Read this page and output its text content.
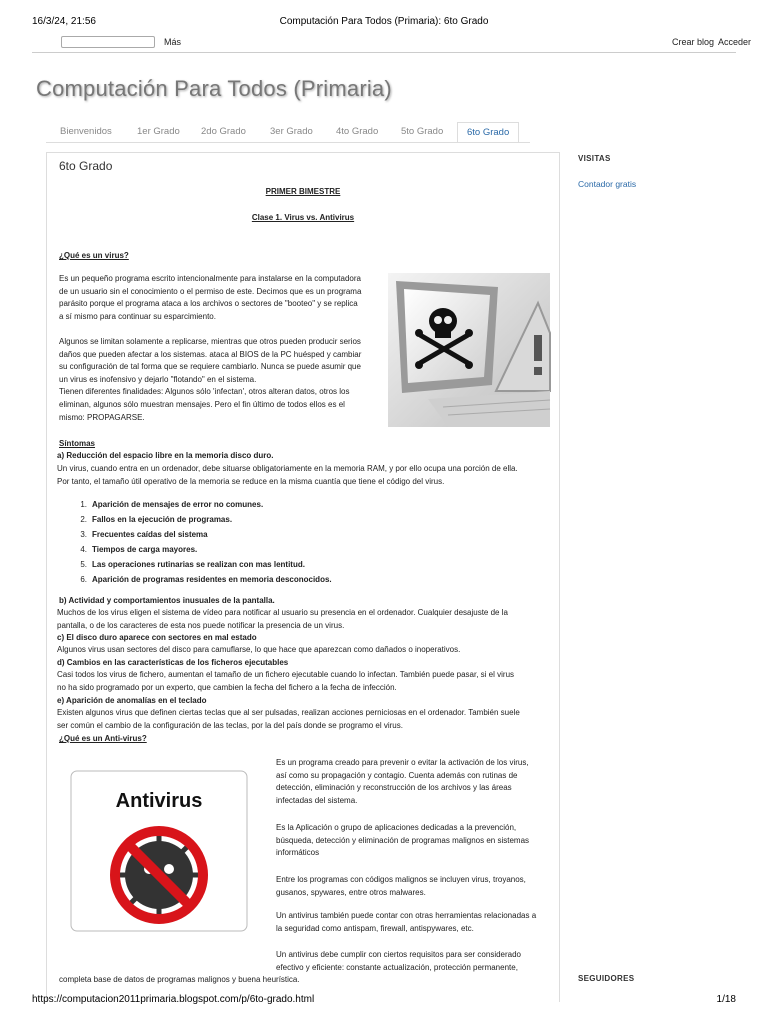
16/3/24, 21:56	Computación Para Todos (Primaria): 6to Grado
Más	Crear blog Acceder
Computación Para Todos (Primaria)
Bienvenidos	1er Grado 2do Grado	3er Grado 4to Grado 5to Grado	6to Grado
6to Grado
PRIMER BIMESTRE
Clase 1. Virus vs. Antivirus
¿Qué es un virus?
Es un pequeño programa escrito intencionalmente para instalarse en la computadora
de un usuario sin el conocimiento o el permiso de este. Decimos que es un programa
parásito porque el programa ataca a los archivos o sectores de "booteo" y se replica
a sí mismo para continuar su esparcimiento.
Algunos se limitan solamente a replicarse, mientras que otros pueden producir serios
daños que pueden afectar a los sistemas. ataca al BIOS de la PC huésped y cambiar
su configuración de tal forma que se requiere cambiarlo. Nunca se puede asumir que
un virus es inofensivo y dejarlo "flotando" en el sistema.
Tienen diferentes finalidades: Algunos sólo 'infectan', otros alteran datos, otros los
eliminan, algunos sólo muestran mensajes. Pero el fin último de todos ellos es el
mismo: PROPAGARSE.
Síntomas
a) Reducción del espacio libre en la memoria disco duro.
Un virus, cuando entra en un ordenador, debe situarse obligatoriamente en la memoria RAM, y por ello ocupa una porción de ella.
Por tanto, el tamaño útil operativo de la memoria se reduce en la misma cuantía que tiene el código del virus.
1. Aparición de mensajes de error no comunes.
2. Fallos en la ejecución de programas.
3. Frecuentes caídas del sistema
4. Tiempos de carga mayores.
5. Las operaciones rutinarias se realizan con mas lentitud.
6. Aparición de programas residentes en memoria desconocidos.
b) Actividad y comportamientos inusuales de la pantalla.
Muchos de los virus eligen el sistema de vídeo para notificar al usuario su presencia en el ordenador. Cualquier desajuste de la
pantalla, o de los caracteres de esta nos puede notificar la presencia de un virus.
c) El disco duro aparece con sectores en mal estado
Algunos virus usan sectores del disco para camuflarse, lo que hace que aparezcan como dañados o inoperativos.
d) Cambios en las características de los ficheros ejecutables
Casi todos los virus de fichero, aumentan el tamaño de un fichero ejecutable cuando lo infectan. También puede pasar, si el virus
no ha sido programado por un experto, que cambien la fecha del fichero a la fecha de infección.
e) Aparición de anomalías en el teclado
Existen algunos virus que definen ciertas teclas que al ser pulsadas, realizan acciones perniciosas en el ordenador. También suele
ser común el cambio de la configuración de las teclas, por la del país donde se programo el virus.
¿Qué es un Anti-virus?
Antivirus
Es un programa creado para prevenir o evitar la activación de los virus,
así como su propagación y contagio. Cuenta además con rutinas de
detección, eliminación y reconstrucción de los archivos y las áreas
infectadas del sistema.
Es la Aplicación o grupo de aplicaciones dedicadas a la prevención,
búsqueda, detección y eliminación de programas malignos en sistemas
informáticos
Entre los programas con códigos malignos se incluyen virus, troyanos,
gusanos, spywares, entre otros malwares.
Un antivirus también puede contar con otras herramientas relacionadas a
la seguridad como antispam, firewall, antispywares, etc.
Un antivirus debe cumplir con ciertos requisitos para ser considerado
efectivo y eficiente: constante actualización, protección permanente,
completa base de datos de programas malignos y buena heurística.
VISITAS
Contador gratis
SEGUIDORES
https://computacion2011primaria.blogspot.com/p/6to-grado.html	1/18
